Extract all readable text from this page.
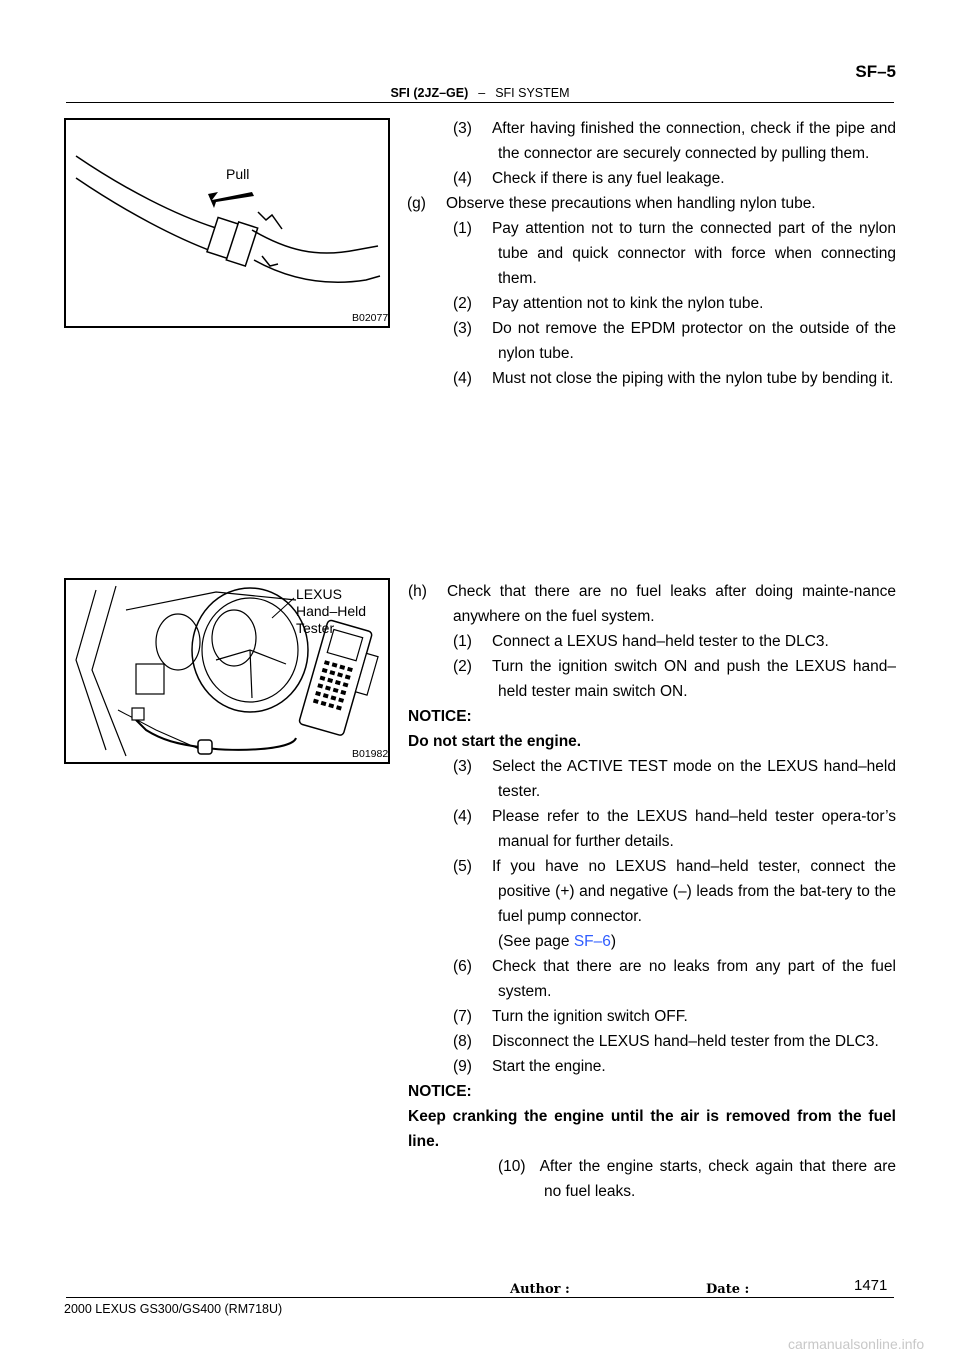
SF–5
SFI (2JZ–GE) – SFI SYSTEM
Pull
B02077
LEXUS
Hand–Held
Tester
B01982
(3) After having finished the connection, check if the pipe and the connector are securely connected by pulling them.
(4) Check if there is any fuel leakage.
(g) Observe these precautions when handling nylon tube.
(1) Pay attention not to turn the connected part of the nylon tube and quick connector with force when connecting them.
(2) Pay attention not to kink the nylon tube.
(3) Do not remove the EPDM protector on the outside of the nylon tube.
(4) Must not close the piping with the nylon tube by bending it.
(h) Check that there are no fuel leaks after doing mainte-nance anywhere on the fuel system.
(1) Connect a LEXUS hand–held tester to the DLC3.
(2) Turn the ignition switch ON and push the LEXUS hand–held tester main switch ON.
NOTICE:
Do not start the engine.
(3) Select the ACTIVE TEST mode on the LEXUS hand–held tester.
(4) Please refer to the LEXUS hand–held tester opera-tor’s manual for further details.
(5) If you have no LEXUS hand–held tester, connect the positive (+) and negative (–) leads from the bat-tery to the fuel pump connector.
(See page SF–6)
(6) Check that there are no leaks from any part of the fuel system.
(7) Turn the ignition switch OFF.
(8) Disconnect the LEXUS hand–held tester from the DLC3.
(9) Start the engine.
NOTICE:
Keep cranking the engine until the air is removed from the fuel line.
(10) After the engine starts, check again that there are no fuel leaks.
1471
Author :	Date :
2000 LEXUS GS300/GS400 (RM718U)
carmanualsonline.info
